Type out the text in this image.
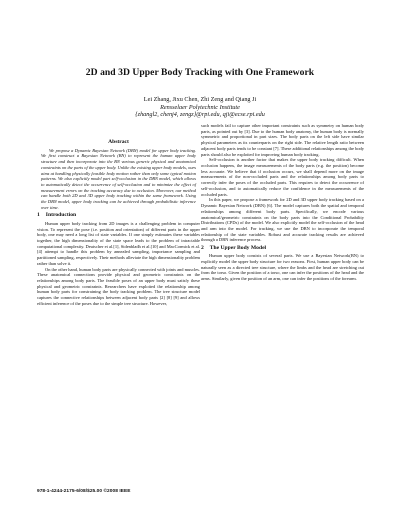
2D and 3D Upper Body Tracking with One Framework
Lei Zhang, Jixu Chen, Zhi Zeng and Qiang Ji
Rensselaer Polytechnic Institute
{zhangl2, chenj4, zengz}@rpi.edu, qji@ecse.rpi.edu
Abstract

We propose a Dynamic Bayesian Network (DBN) model for upper body tracking. We first construct a Bayesian Network (BN) to represent the human upper body structure and then incorporate into the BN various generic physical and anatomical constraints on the parts of the upper body. Unlike the existing upper body models, ours aims at handling physically feasible body motion rather than only some typical motion patterns. We also explicitly model part self-occlusion in the DBN model, which allows to automatically detect the occurrence of self-occlusion and to minimize the effect of measurement errors on the tracking accuracy due to occlusion. Moreover, our method can handle both 2D and 3D upper body tracking within the same framework. Using the DBN model, upper body tracking can be achieved through probabilistic inference over time.

1 Introduction

Human upper body tracking from 2D images is a challenging problem in computer vision. To represent the pose (i.e. position and orientation) of different parts in the upper body, one may need a long list of state variables. If one simply estimates these variables together, the high dimensionality of the state space leads to the problem of intractable computational complexity. Deutscher et al.[1], Sidenbladh et al.[10] and MacCormick et al.[4] attempt to handle this problem by annealed sampling, importance sampling and partitioned sampling, respectively. Their methods alleviate the high dimensionality problem rather than solve it.

On the other hand, human body parts are physically connected with joints and muscles. These anatomical connections provide physical and geometric constraints on the relationships among body parts. The feasible poses of an upper body must satisfy these physical and geometric constraints. Researchers have exploited the relationship among human body parts for constraining the body tracking problem. The tree structure model captures the connective relationships between adjacent body parts [2] [8] [9] and allows efficient inference of the poses due to the simple tree structure. However,

such models fail to capture other important constraints such as symmetry on human body parts, as pointed out by [3]. Due to the human body anatomy, the human body is normally symmetric and proportional in part sizes. The body parts on the left side have similar physical parameters as its counterparts on the right side. The relative length ratio between adjacent body parts tends to be constant [7]. These additional relationships among the body parts should also be exploited for improving human body tracking.

Self-occlusion is another factor that makes the upper body tracking difficult. When occlusion happens, the image measurements of the body parts (e.g. the position) become less accurate. We believe that if occlusion occurs, we shall depend more on the image measurements of the non-occluded parts and the relationships among body parts to correctly infer the poses of the occluded parts. This requires to detect the occurrence of self-occlusion, and to automatically reduce the confidence in the measurements of the occluded parts.

In this paper, we propose a framework for 2D and 3D upper body tracking based on a Dynamic Bayesian Network (DBN) [6]. The model captures both the spatial and temporal relationships among different body parts. Specifically, we encode various anatomical/geometric constraints on the body parts into the Conditional Probability Distributions (CPDs) of the model. We also explicitly model the self-occlusion of the head and arm into the model. For tracking, we use the DBN to incorporate the temporal relationship of the state variables. Robust and accurate tracking results are achieved through a DBN inference process.

2 The Upper Body Model

Human upper body consists of several parts. We use a Bayesian Network(BN) to explicitly model the upper body structure for two reasons. First, human upper body can be naturally seen as a directed tree structure, where the limbs and the head are stretching out from the torso. Given the position of a torso, one can infer the positions of the head and the arms. Similarly, given the position of an arm, one can infer the positions of the forearm.

978-1-4244-2175-6/08/$25.00 ©2008 IEEE
